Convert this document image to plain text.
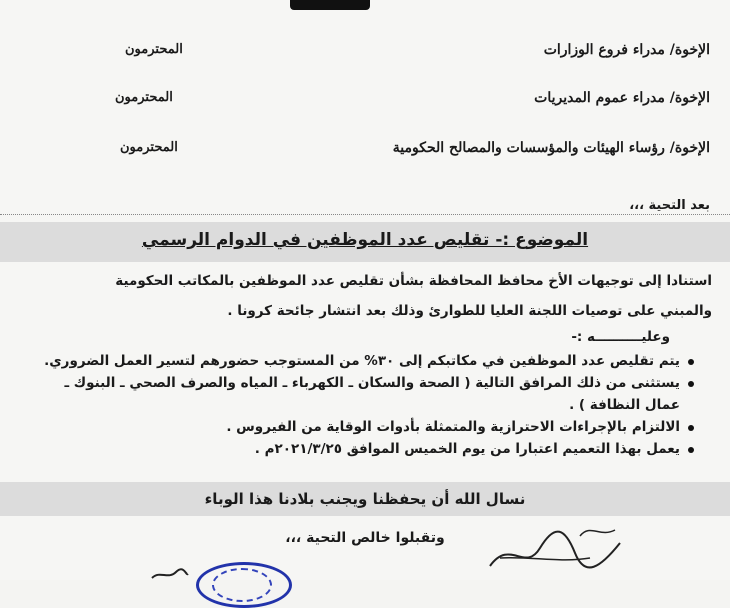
الإخوة/ مدراء فروع الوزارات
المحترمون
الإخوة/ مدراء عموم المديريات
المحترمون
الإخوة/ رؤساء الهيئات والمؤسسات والمصالح الحكومية
المحترمون
بعد التحية ،،،
الموضوع :- تقليص عدد الموظفين في الدوام الرسمي
استنادا إلى توجيهات الأخ محافظ المحافظة بشأن تقليص عدد الموظفين بالمكاتب الحكومية
والمبني على توصيات اللجنة العليا للطوارئ وذلك بعد انتشار جائحة كرونا .
وعليــــــــــه :-
يتم تقليص عدد الموظفين في مكاتبكم إلى ٣٠% من المستوجب حضورهم لتسير العمل الضروري.
يستثنى من ذلك المرافق التالية ( الصحة والسكان ـ الكهرباء ـ المياه والصرف الصحي ـ البنوك ـ عمال النظافة ) .
الالتزام بالإجراءات الاحترازية والمتمثلة بأدوات الوقاية من الفيروس .
يعمل بهذا التعميم اعتبارا من يوم الخميس الموافق ٢٠٢١/٣/٢٥م .
نسال الله أن يحفظنا ويجنب بلادنا هذا الوباء
وتقبلوا خالص التحية ،،،
